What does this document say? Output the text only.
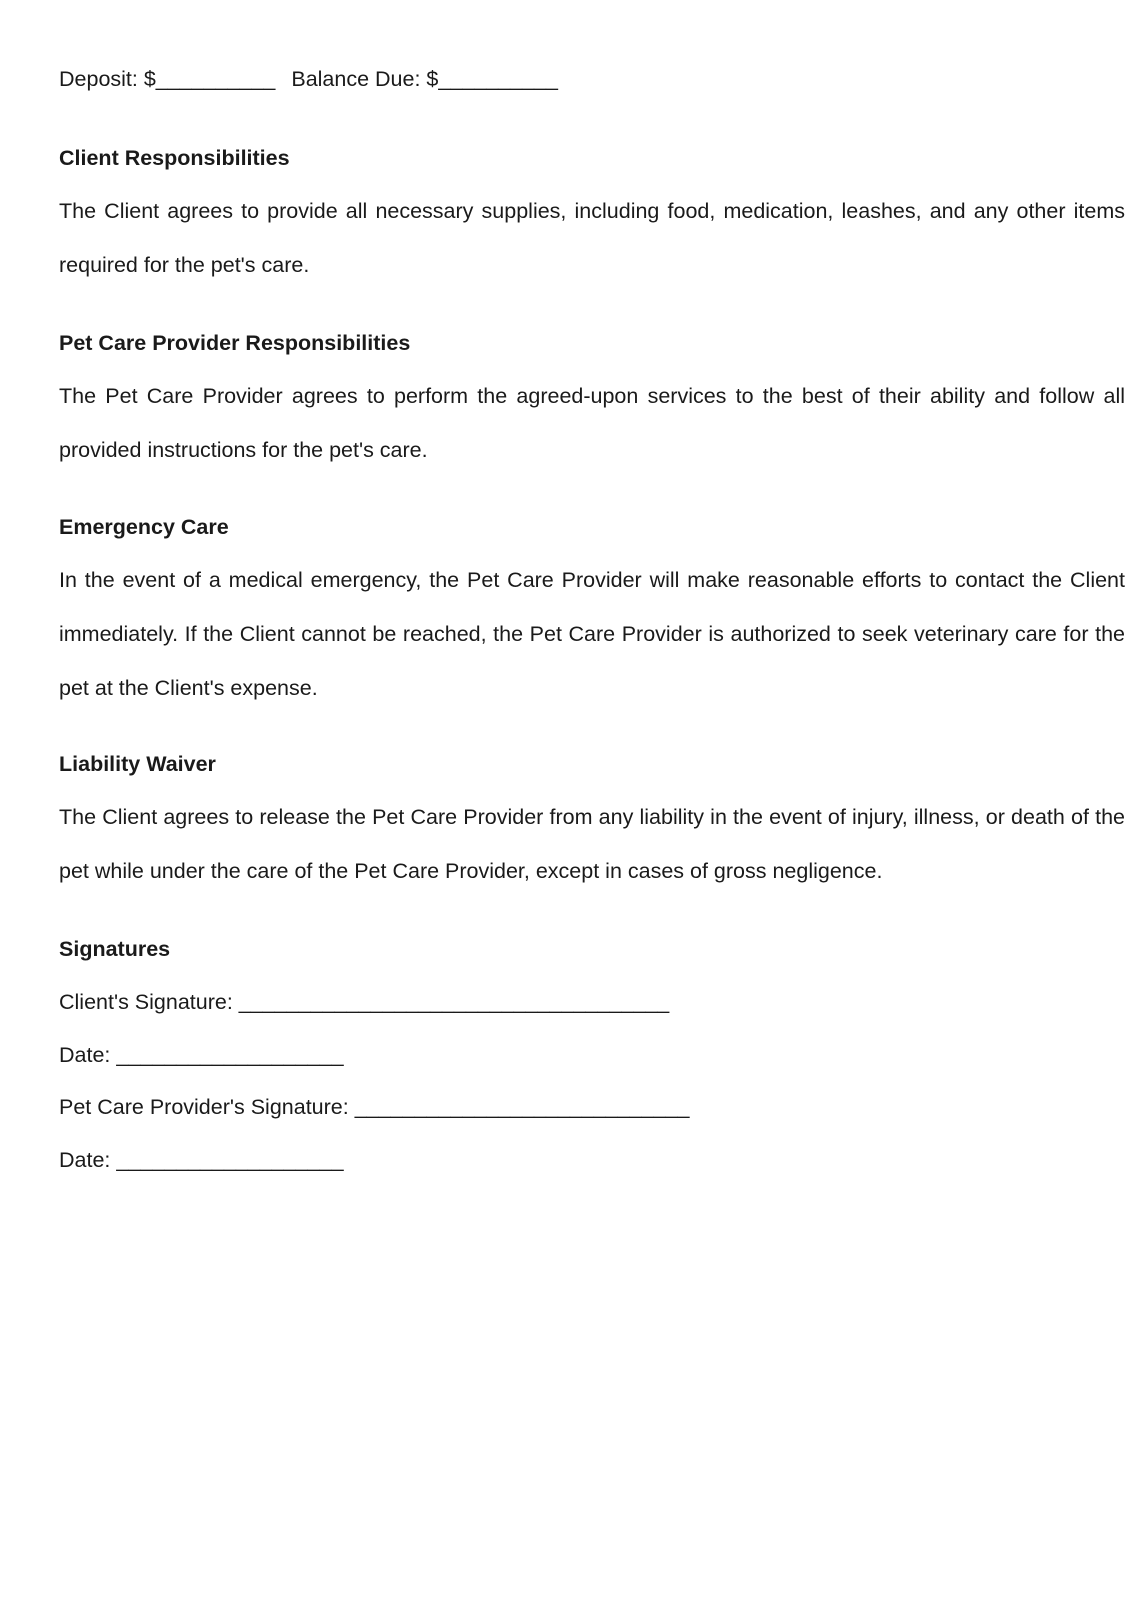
Deposit: $__________ Balance Due: $__________
Client Responsibilities
The Client agrees to provide all necessary supplies, including food, medication, leashes, and any other items required for the pet's care.
Pet Care Provider Responsibilities
The Pet Care Provider agrees to perform the agreed-upon services to the best of their ability and follow all provided instructions for the pet's care.
Emergency Care
In the event of a medical emergency, the Pet Care Provider will make reasonable efforts to contact the Client immediately. If the Client cannot be reached, the Pet Care Provider is authorized to seek veterinary care for the pet at the Client's expense.
Liability Waiver
The Client agrees to release the Pet Care Provider from any liability in the event of injury, illness, or death of the pet while under the care of the Pet Care Provider, except in cases of gross negligence.
Signatures
Client's Signature: ____________________________________
Date: ___________________
Pet Care Provider's Signature: ____________________________
Date: ___________________
